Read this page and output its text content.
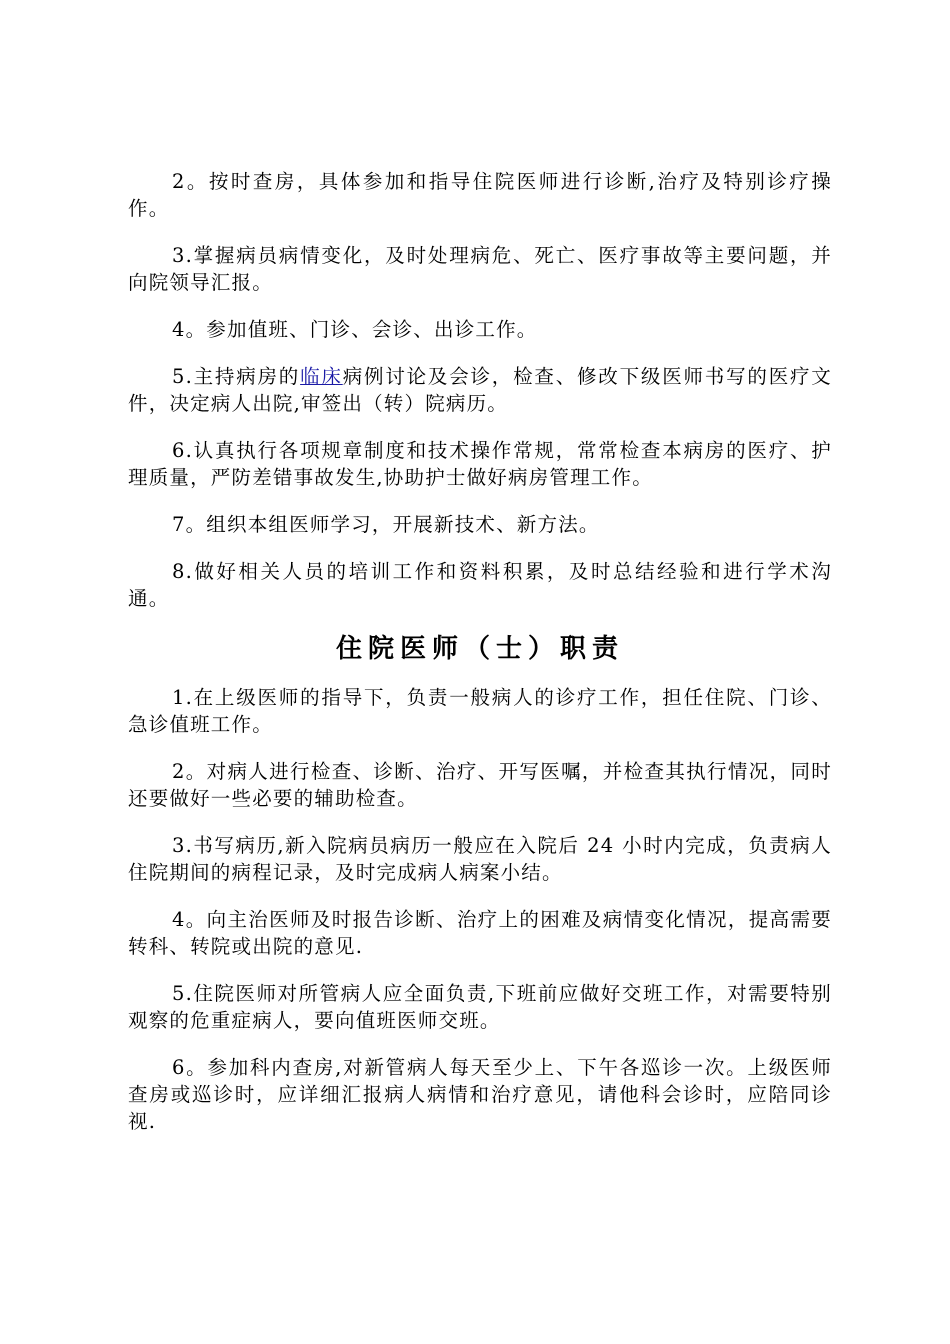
2。按时查房，具体参加和指导住院医师进行诊断,治疗及特别诊疗操作。

3.掌握病员病情变化，及时处理病危、死亡、医疗事故等主要问题，并向院领导汇报。

4。参加值班、门诊、会诊、出诊工作。

5.主持病房的临床病例讨论及会诊，检查、修改下级医师书写的医疗文件，决定病人出院,审签出（转）院病历。

6.认真执行各项规章制度和技术操作常规，常常检查本病房的医疗、护理质量，严防差错事故发生,协助护士做好病房管理工作。

7。组织本组医师学习，开展新技术、新方法。

8.做好相关人员的培训工作和资料积累，及时总结经验和进行学术沟通。

住院医师（士）职责

1.在上级医师的指导下，负责一般病人的诊疗工作，担任住院、门诊、急诊值班工作。

2。对病人进行检查、诊断、治疗、开写医嘱，并检查其执行情况，同时还要做好一些必要的辅助检查。

3.书写病历,新入院病员病历一般应在入院后 24 小时内完成，负责病人住院期间的病程记录，及时完成病人病案小结。

4。向主治医师及时报告诊断、治疗上的困难及病情变化情况，提高需要转科、转院或出院的意见.

5.住院医师对所管病人应全面负责,下班前应做好交班工作，对需要特别观察的危重症病人，要向值班医师交班。

6。参加科内查房,对新管病人每天至少上、下午各巡诊一次。上级医师查房或巡诊时，应详细汇报病人病情和治疗意见，请他科会诊时，应陪同诊视.
